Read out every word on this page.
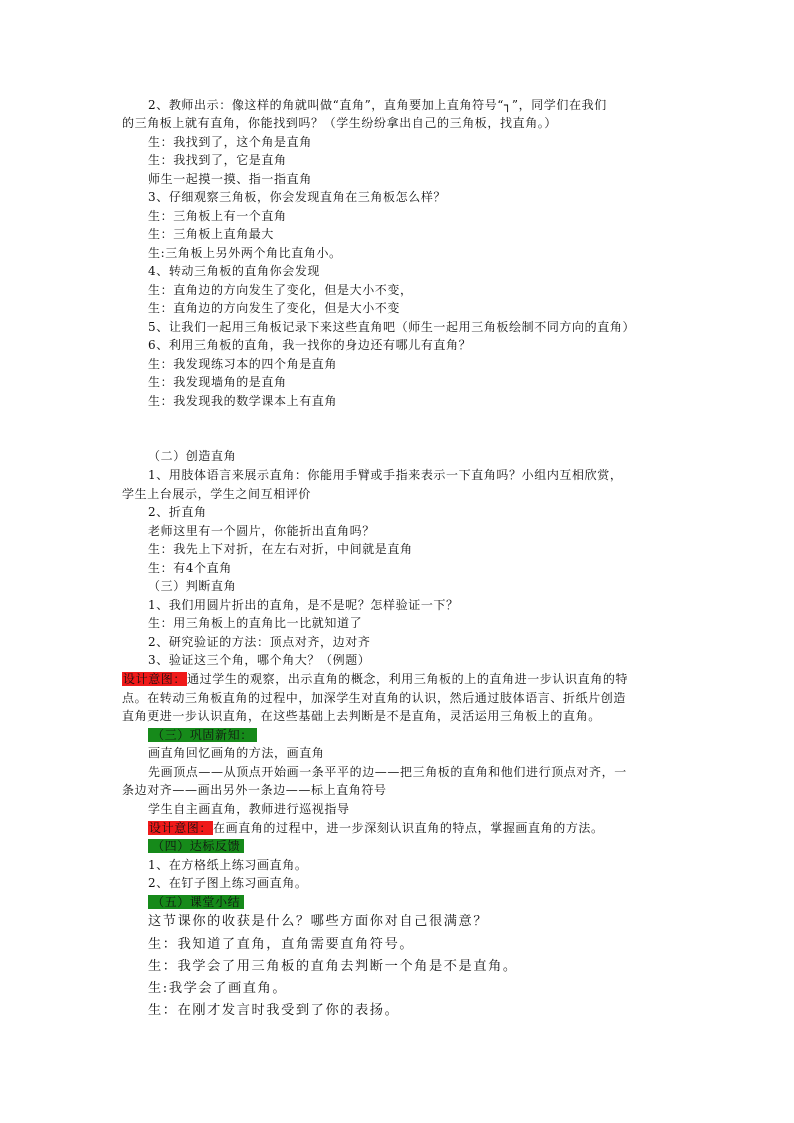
2、教师出示：像这样的角就叫做“直角”，直角要加上直角符号“┐”，同学们在我们
的三角板上就有直角，你能找到吗？（学生纷纷拿出自己的三角板，找直角。）
生：我找到了，这个角是直角
生：我找到了，它是直角
师生一起摸一摸、指一指直角
3、仔细观察三角板，你会发现直角在三角板怎么样？
生：三角板上有一个直角
生：三角板上直角最大
生:三角板上另外两个角比直角小。
4、转动三角板的直角你会发现
生：直角边的方向发生了变化，但是大小不变，
生：直角边的方向发生了变化，但是大小不变
5、让我们一起用三角板记录下来这些直角吧（师生一起用三角板绘制不同方向的直角）
6、利用三角板的直角，我一找你的身边还有哪儿有直角？
生：我发现练习本的四个角是直角
生：我发现墙角的是直角
生：我发现我的数学课本上有直角
（二）创造直角
1、用肢体语言来展示直角：你能用手臂或手指来表示一下直角吗？小组内互相欣赏，
学生上台展示，学生之间互相评价
2、折直角
老师这里有一个圆片，你能折出直角吗？
生：我先上下对折，在左右对折，中间就是直角
生：有4个直角
（三）判断直角
1、我们用圆片折出的直角，是不是呢？怎样验证一下？
生：用三角板上的直角比一比就知道了
2、研究验证的方法：顶点对齐，边对齐
3、验证这三个角，哪个角大？（例题）
设计意图：通过学生的观察，出示直角的概念，利用三角板的上的直角进一步认识直角的特
点。在转动三角板直角的过程中，加深学生对直角的认识，然后通过肢体语言、折纸片创造
直角更进一步认识直角，在这些基础上去判断是不是直角，灵活运用三角板上的直角。
（三）巩固新知：
画直角回忆画角的方法，画直角
先画顶点——从顶点开始画一条平平的边——把三角板的直角和他们进行顶点对齐，一
条边对齐——画出另外一条边——标上直角符号
学生自主画直角，教师进行巡视指导
设计意图：在画直角的过程中，进一步深刻认识直角的特点，掌握画直角的方法。
（四）达标反馈
1、在方格纸上练习画直角。
2、在钉子图上练习画直角。
（五）课堂小结
这节课你的收获是什么？哪些方面你对自己很满意？
生：我知道了直角，直角需要直角符号。
生：我学会了用三角板的直角去判断一个角是不是直角。
生:我学会了画直角。
生：在刚才发言时我受到了你的表扬。
